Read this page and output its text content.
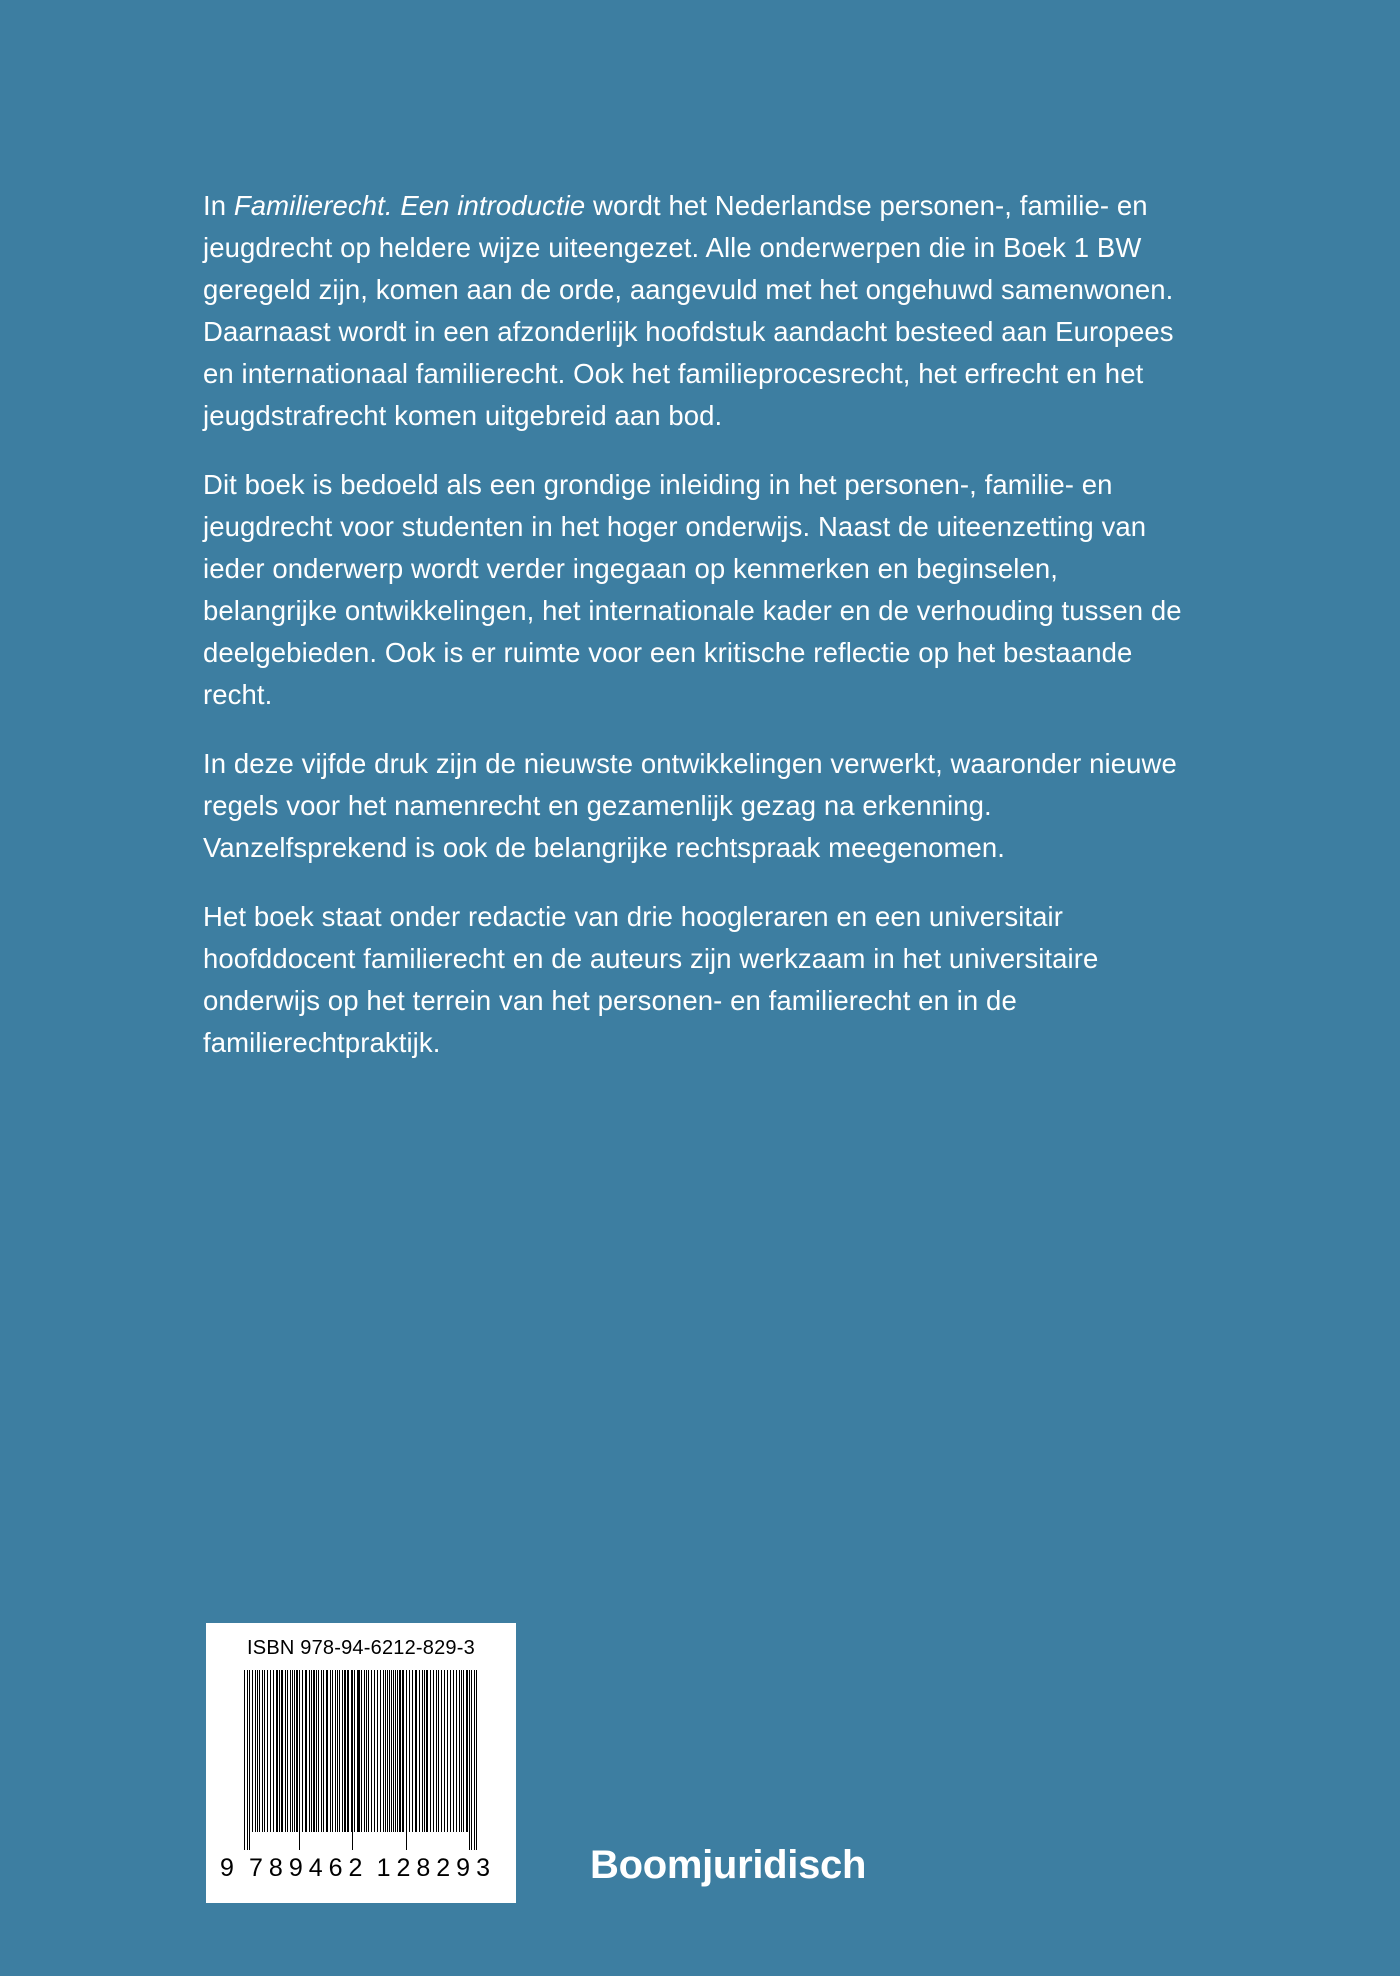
In Familierecht. Een introductie wordt het Nederlandse personen-, familie- en jeugdrecht op heldere wijze uiteengezet. Alle onderwerpen die in Boek 1 BW geregeld zijn, komen aan de orde, aangevuld met het ongehuwd samenwonen. Daarnaast wordt in een afzonderlijk hoofdstuk aandacht besteed aan Europees en internationaal familierecht. Ook het familieprocesrecht, het erfrecht en het jeugdstrafrecht komen uitgebreid aan bod.

Dit boek is bedoeld als een grondige inleiding in het personen-, familie- en jeugdrecht voor studenten in het hoger onderwijs. Naast de uiteenzetting van ieder onderwerp wordt verder ingegaan op kenmerken en beginselen, belangrijke ontwikkelingen, het internationale kader en de verhouding tussen de deelgebieden. Ook is er ruimte voor een kritische reflectie op het bestaande recht.

In deze vijfde druk zijn de nieuwste ontwikkelingen verwerkt, waaronder nieuwe regels voor het namenrecht en gezamenlijk gezag na erkenning. Vanzelfsprekend is ook de belangrijke rechtspraak meegenomen.

Het boek staat onder redactie van drie hoogleraren en een universitair hoofddocent familierecht en de auteurs zijn werkzaam in het universitaire onderwijs op het terrein van het personen- en familierecht en in de familierechtpraktijk.

ISBN 978-94-6212-829-3
9 789462 128293 Boomjuridisch
